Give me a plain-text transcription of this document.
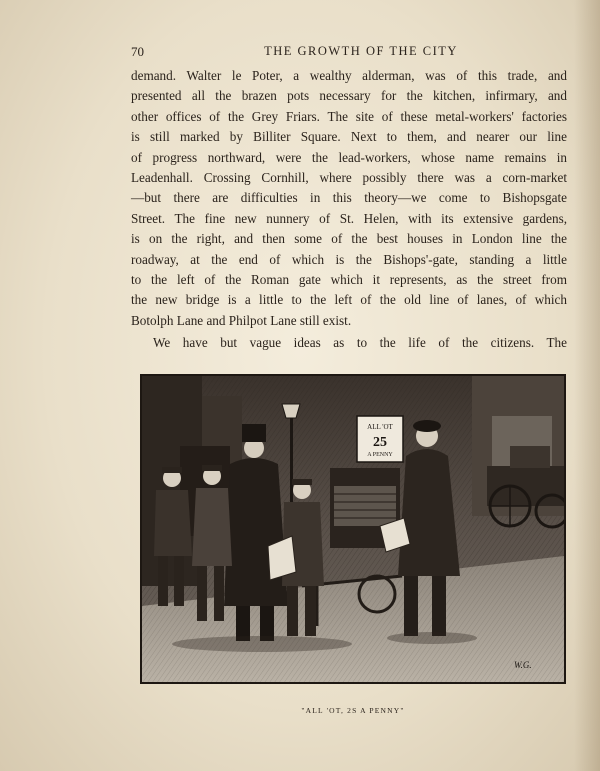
70	THE GROWTH OF THE CITY
demand. Walter le Poter, a wealthy alderman, was of this trade, and
presented all the brazen pots necessary for the kitchen, infirmary, and
other offices of the Grey Friars. The site of these metal-workers' factories
is still marked by Billiter Square. Next to them, and nearer our line
of progress northward, were the lead-workers, whose name remains in
Leadenhall. Crossing Cornhill, where possibly there was a corn-market
—but there are difficulties in this theory—we come to Bishopsgate
Street. The fine new nunnery of St. Helen, with its extensive gardens,
is on the right, and then some of the best houses in London line the
roadway, at the end of which is the Bishops'-gate, standing a little
to the left of the Roman gate which it represents, as the street from
the new bridge is a little to the left of the old line of lanes, of which
Botolph Lane and Philpot Lane still exist.
We have but vague ideas as to the life of the citizens. The
ALL 'OT
25
A PENNY
W.G.
"ALL 'OT, 2S A PENNY"
